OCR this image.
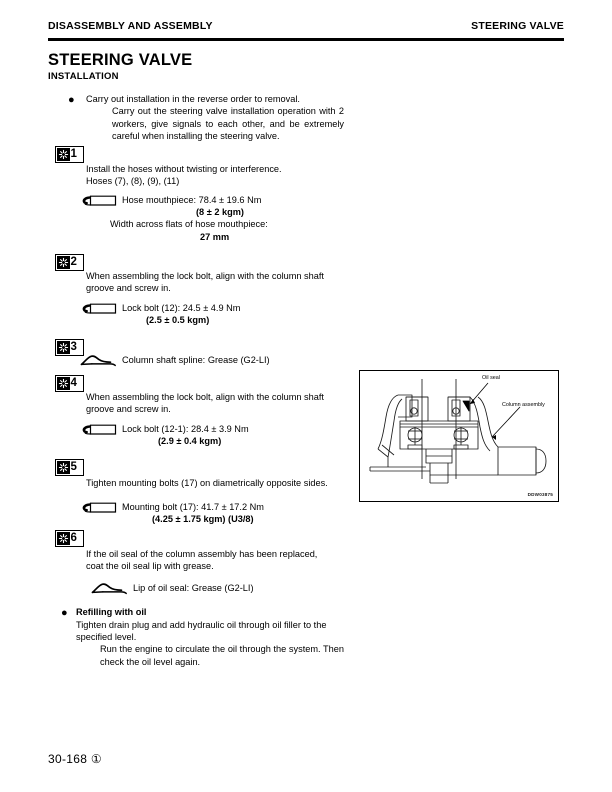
DISASSEMBLY AND ASSEMBLY	STEERING VALVE
STEERING VALVE
INSTALLATION
● Carry out installation in the reverse order to removal.
Carry out the steering valve installation operation with 2 workers, give signals to each other, and be extremely careful when installing the steering valve.
1
Install the hoses without twisting or interference.
Hoses (7), (8), (9), (11)
Hose mouthpiece: 78.4 ± 19.6 Nm
(8 ± 2 kgm)
Width across flats of hose mouthpiece:
27 mm
2
When assembling the lock bolt, align with the column shaft
groove and screw in.
Lock bolt (12): 24.5 ± 4.9 Nm
(2.5 ± 0.5 kgm)
3
Column shaft spline: Grease (G2-LI)
4
When assembling the lock bolt, align with the column shaft
groove and screw in.
Lock bolt (12-1): 28.4 ± 3.9 Nm
(2.9 ± 0.4 kgm)
5
Tighten mounting bolts (17) on diametrically opposite sides.
Mounting bolt (17): 41.7 ± 17.2 Nm
(4.25 ± 1.75 kgm) (U3/8)
6
If the oil seal of the column assembly has been replaced,
coat the oil seal lip with grease.
Lip of oil seal: Grease (G2-LI)
● Refilling with oil
Tighten drain plug and add hydraulic oil through oil filler to the
specified level.
Run the engine to circulate the oil through the system. Then check the oil level again.
Oil seal
Column assembly
DDW03875
30-168 ①
